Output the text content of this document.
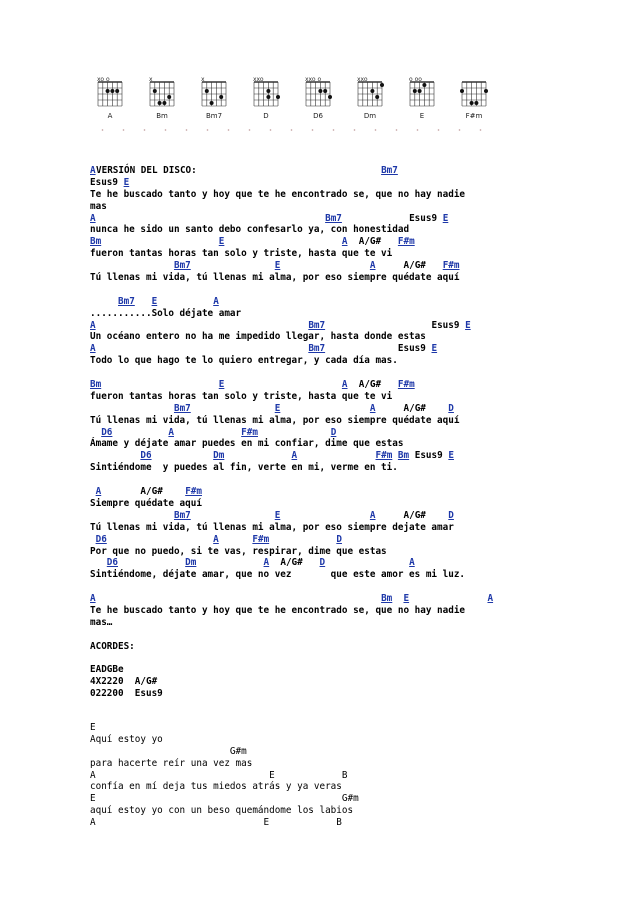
xo o
A
x
Bm
x
Bm7
xxo
D
xxo o
D6
xxo
Dm
o oo
E	F#m

VERSIÓN DEL DISCO:

A	Bm7
Esus9 E
Te he buscado tanto y hoy que te he encontrado se, que no hay nadie
mas
A	Bm7	Esus9 E
nunca he sido un santo debo confesarlo ya, con honestidad
Bm	E	A A/G# F#m
fueron tantas horas tan solo y triste, hasta que te vi
Bm7	E	A	A/G# F#m
Tú llenas mi vida, tú llenas mi alma, por eso siempre quédate aquí
Bm7 E	A
...........Solo déjate amar
A	Bm7	Esus9 E
Un océano entero no ha me impedido llegar, hasta donde estas
A	Bm7	Esus9 E
Todo lo que hago te lo quiero entregar, y cada día mas.
Bm	E	A A/G# F#m
fueron tantas horas tan solo y triste, hasta que te vi
Bm7	E	A	A/G# D
Tú llenas mi vida, tú llenas mi alma, por eso siempre quédate aquí
D6	A	F#m	D
Ámame y déjate amar puedes en mi confiar, dime que estas
D6	Dm	A	F#m Bm Esus9 E
Sintiéndome  y puedes al fin, verte en mi, verme en ti.
A	A/G# F#m
Siempre quédate aquí
Bm7	E	A	A/G# D
Tú llenas mi vida, tú llenas mi alma, por eso siempre dejate amar
D6	A	F#m	D
Por que no puedo, si te vas, respirar, dime que estas
D6	Dm	A A/G# D	A
Sintiéndome, déjate amar, que no vez       que este amor es mi luz.
A	Bm E	A
Te he buscado tanto y hoy que te he encontrado se, que no hay nadie
mas…
ACORDES:
EADGBe
4X2220  A/G#
022200  Esus9
E
Aquí estoy yo
G#m
para hacerte reír una vez mas
A                               E            B
confía en mí deja tus miedos atrás y ya veras
E                                            G#m
aquí estoy yo con un beso quemándome los labios
A                              E            B
